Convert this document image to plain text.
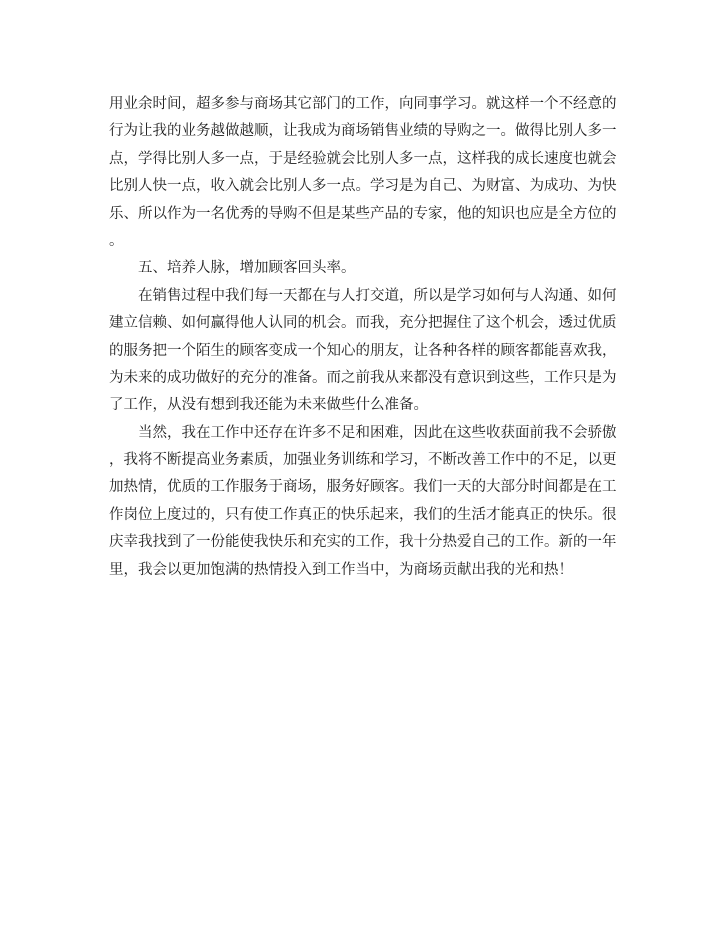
用业余时间，超多参与商场其它部门的工作，向同事学习。就这样一个不经意的
行为让我的业务越做越顺，让我成为商场销售业绩的导购之一。做得比别人多一
点，学得比别人多一点，于是经验就会比别人多一点，这样我的成长速度也就会
比别人快一点，收入就会比别人多一点。学习是为自己、为财富、为成功、为快
乐、所以作为一名优秀的导购不但是某些产品的专家，他的知识也应是全方位的
。
五、培养人脉，增加顾客回头率。
在销售过程中我们每一天都在与人打交道，所以是学习如何与人沟通、如何
建立信赖、如何赢得他人认同的机会。而我，充分把握住了这个机会，透过优质
的服务把一个陌生的顾客变成一个知心的朋友，让各种各样的顾客都能喜欢我，
为未来的成功做好的充分的准备。而之前我从来都没有意识到这些，工作只是为
了工作，从没有想到我还能为未来做些什么准备。
当然，我在工作中还存在许多不足和困难，因此在这些收获面前我不会骄傲
，我将不断提高业务素质，加强业务训练和学习，不断改善工作中的不足，以更
加热情，优质的工作服务于商场，服务好顾客。我们一天的大部分时间都是在工
作岗位上度过的，只有使工作真正的快乐起来，我们的生活才能真正的快乐。很
庆幸我找到了一份能使我快乐和充实的工作，我十分热爱自己的工作。新的一年
里，我会以更加饱满的热情投入到工作当中，为商场贡献出我的光和热！
